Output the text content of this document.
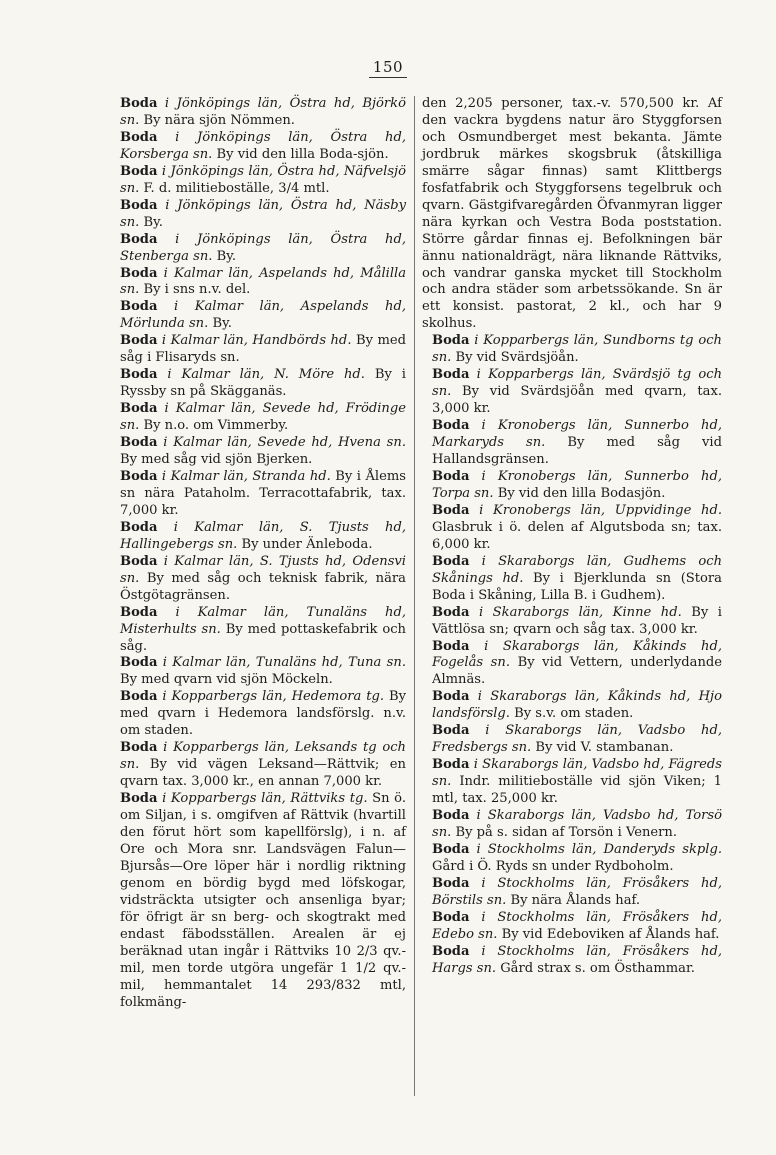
150

Boda i Jönköpings län, Östra hd, Björkö sn. By nära sjön Nömmen.

Boda i Jönköpings län, Östra hd, Korsberga sn. By vid den lilla Boda-sjön.

Boda i Jönköpings län, Östra hd, Näfvelsjö sn. F. d. militieboställe, 3/4 mtl.

Boda i Jönköpings län, Östra hd, Näsby sn. By.

Boda i Jönköpings län, Östra hd, Stenberga sn. By.

Boda i Kalmar län, Aspelands hd, Målilla sn. By i sns n.v. del.

Boda i Kalmar län, Aspelands hd, Mörlunda sn. By.

Boda i Kalmar län, Handbörds hd. By med såg i Flisaryds sn.

Boda i Kalmar län, N. Möre hd. By i Ryssby sn på Skägganäs.

Boda i Kalmar län, Sevede hd, Frödinge sn. By n.o. om Vimmerby.

Boda i Kalmar län, Sevede hd, Hvena sn. By med såg vid sjön Bjerken.

Boda i Kalmar län, Stranda hd. By i Ålems sn nära Pataholm. Terracottafabrik, tax. 7,000 kr.

Boda i Kalmar län, S. Tjusts hd, Hallingebergs sn. By under Änleboda.

Boda i Kalmar län, S. Tjusts hd, Odensvi sn. By med såg och teknisk fabrik, nära Östgötagränsen.

Boda i Kalmar län, Tunaläns hd, Misterhults sn. By med pottaskefabrik och såg.

Boda i Kalmar län, Tunaläns hd, Tuna sn. By med qvarn vid sjön Möckeln.

Boda i Kopparbergs län, Hedemora tg. By med qvarn i Hedemora landsförslg. n.v. om staden.

Boda i Kopparbergs län, Leksands tg och sn. By vid vägen Leksand—Rättvik; en qvarn tax. 3,000 kr., en annan 7,000 kr.

Boda i Kopparbergs län, Rättviks tg. Sn ö. om Siljan, i s. omgifven af Rättvik (hvartill den förut hört som kapellförslg), i n. af Ore och Mora snr. Landsvägen Falun—Bjursås—Ore löper här i nordlig riktning genom en bördig bygd med löfskogar, vidsträckta utsigter och ansenliga byar; för öfrigt är sn berg- och skogtrakt med endast fäbodsställen. Arealen är ej beräknad utan ingår i Rättviks 10 2/3 qv.-mil, men torde utgöra ungefär 1 1/2 qv.-mil, hemmantalet 14 293/832 mtl, folkmäng-

den 2,205 personer, tax.-v. 570,500 kr. Af den vackra bygdens natur äro Styggforsen och Osmundberget mest bekanta. Jämte jordbruk märkes skogsbruk (åtskilliga smärre sågar finnas) samt Klittbergs fosfatfabrik och Styggforsens tegelbruk och qvarn. Gästgifvaregården Öfvanmyran ligger nära kyrkan och Vestra Boda poststation. Större gårdar finnas ej. Befolkningen bär ännu nationaldrägt, nära liknande Rättviks, och vandrar ganska mycket till Stockholm och andra städer som arbetssökande. Sn är ett konsist. pastorat, 2 kl., och har 9 skolhus.

Boda i Kopparbergs län, Sundborns tg och sn. By vid Svärdsjöån.

Boda i Kopparbergs län, Svärdsjö tg och sn. By vid Svärdsjöån med qvarn, tax. 3,000 kr.

Boda i Kronobergs län, Sunnerbo hd, Markaryds sn. By med såg vid Hallandsgränsen.

Boda i Kronobergs län, Sunnerbo hd, Torpa sn. By vid den lilla Bodasjön.

Boda i Kronobergs län, Uppvidinge hd. Glasbruk i ö. delen af Algutsboda sn; tax. 6,000 kr.

Boda i Skaraborgs län, Gudhems och Skånings hd. By i Bjerklunda sn (Stora Boda i Skåning, Lilla B. i Gudhem).

Boda i Skaraborgs län, Kinne hd. By i Vättlösa sn; qvarn och såg tax. 3,000 kr.

Boda i Skaraborgs län, Kåkinds hd, Fogelås sn. By vid Vettern, underlydande Almnäs.

Boda i Skaraborgs län, Kåkinds hd, Hjo landsförslg. By s.v. om staden.

Boda i Skaraborgs län, Vadsbo hd, Fredsbergs sn. By vid V. stambanan.

Boda i Skaraborgs län, Vadsbo hd, Fägreds sn. Indr. militieboställe vid sjön Viken; 1 mtl, tax. 25,000 kr.

Boda i Skaraborgs län, Vadsbo hd, Torsö sn. By på s. sidan af Torsön i Venern.

Boda i Stockholms län, Danderyds skplg. Gård i Ö. Ryds sn under Rydboholm.

Boda i Stockholms län, Frösåkers hd, Börstils sn. By nära Ålands haf.

Boda i Stockholms län, Frösåkers hd, Edebo sn. By vid Edeboviken af Ålands haf.

Boda i Stockholms län, Frösåkers hd, Hargs sn. Gård strax s. om Östhammar.
